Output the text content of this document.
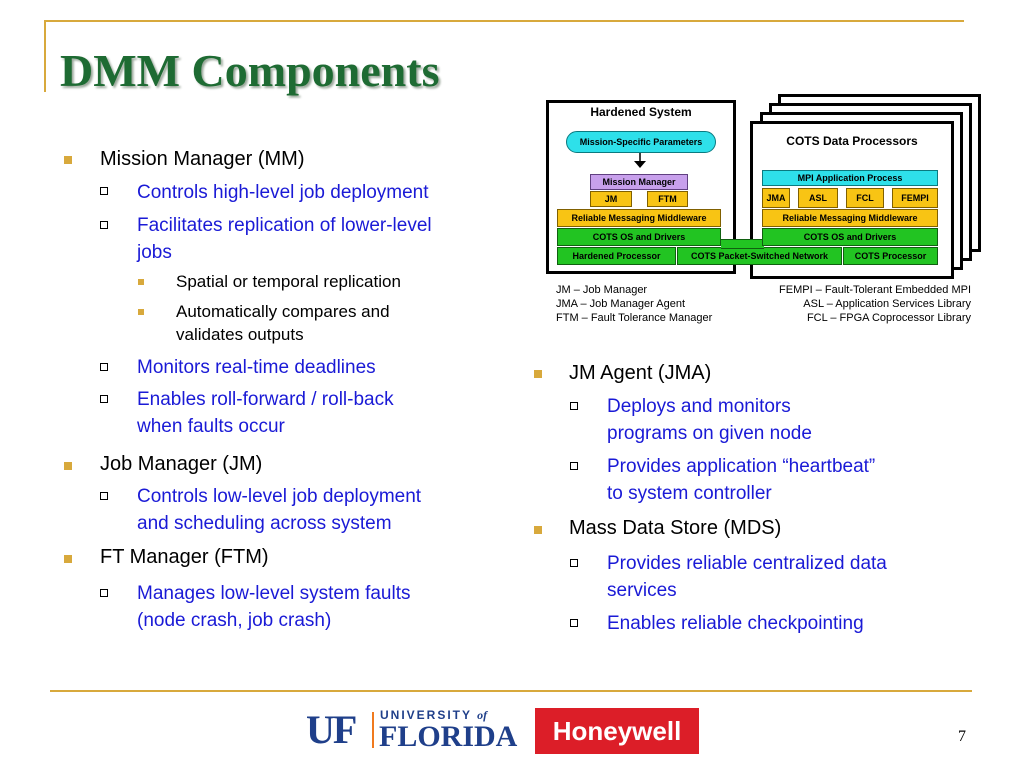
DMM Components
Mission Manager (MM)
Controls high-level job deployment
Facilitates replication of lower-level
jobs
Spatial or temporal replication
Automatically compares and
validates outputs
Monitors real-time deadlines
Enables roll-forward / roll-back
when faults occur
Job Manager (JM)
Controls low-level job deployment
and scheduling across system
FT Manager (FTM)
Manages low-level system faults
(node crash, job crash)
JM Agent (JMA)
Deploys and monitors
programs on given node
Provides application “heartbeat”
to system controller
Mass Data Store (MDS)
Provides reliable centralized data
services
Enables reliable checkpointing
Hardened System
Mission-Specific Parameters
Mission Manager
JM	FTM
Reliable Messaging Middleware
COTS OS and Drivers
Hardened Processor	COTS Packet-Switched Network
COTS Data Processors
MPI Application Process
JMA	ASL	FCL	FEMPI
Reliable Messaging Middleware
COTS OS and Drivers
COTS Processor
JM – Job Manager
JMA – Job Manager Agent
FTM – Fault Tolerance Manager
FEMPI – Fault-Tolerant Embedded MPI
ASL – Application Services Library
FCL – FPGA Coprocessor Library
UF UNIVERSITY of
FLORIDA Honeywell	7
